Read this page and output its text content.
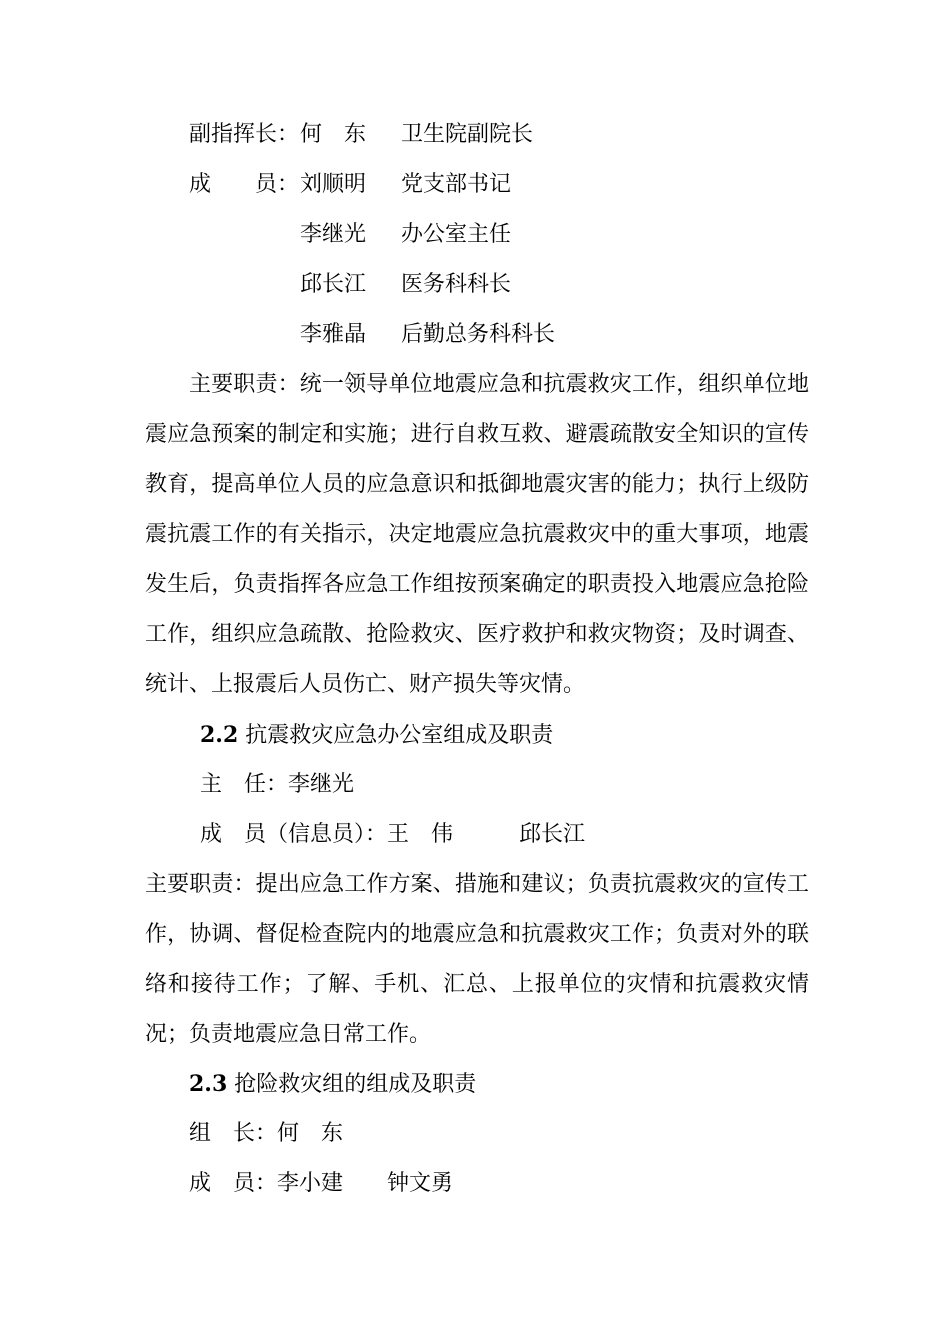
副指挥长： 何　东 卫生院副院长
成　　员： 刘顺明 党支部书记
李继光 办公室主任
邱长江 医务科科长
李雅晶 后勤总务科科长
主要职责：统一领导单位地震应急和抗震救灾工作，组织单位地震应急预案的制定和实施；进行自救互救、避震疏散安全知识的宣传教育，提高单位人员的应急意识和抵御地震灾害的能力；执行上级防震抗震工作的有关指示，决定地震应急抗震救灾中的重大事项，地震发生后，负责指挥各应急工作组按预案确定的职责投入地震应急抢险工作，组织应急疏散、抢险救灾、医疗救护和救灾物资；及时调查、统计、上报震后人员伤亡、财产损失等灾情。
2.2 抗震救灾应急办公室组成及职责
主　任：李继光
成　员（信息员）：王　伟　　　邱长江
主要职责：提出应急工作方案、措施和建议；负责抗震救灾的宣传工作，协调、督促检查院内的地震应急和抗震救灾工作；负责对外的联络和接待工作；了解、手机、汇总、上报单位的灾情和抗震救灾情况；负责地震应急日常工作。
2.3 抢险救灾组的组成及职责
组　长：何　东
成　员：李小建　　钟文勇
